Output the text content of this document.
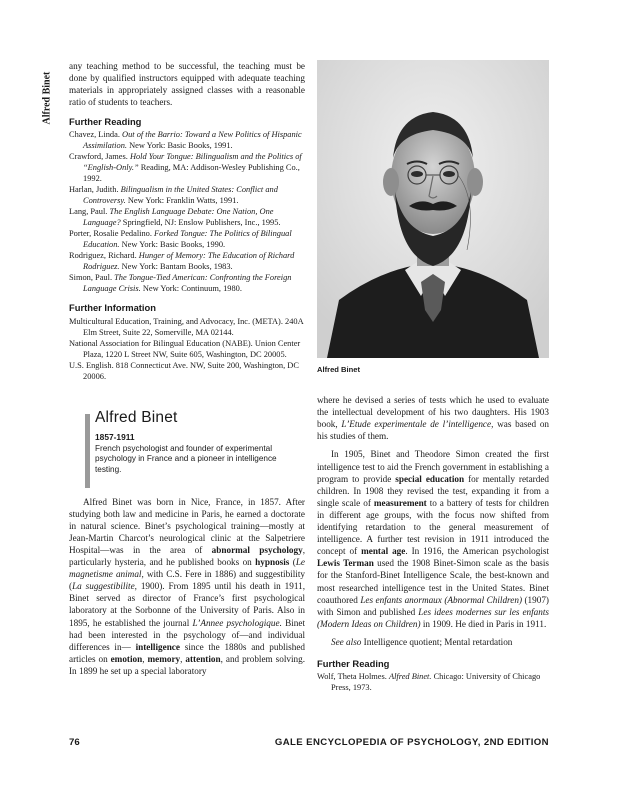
Alfred Binet

any teaching method to be successful, the teaching must be done by qualified instructors equipped with adequate teaching materials in appropriately assigned classes with a reasonable ratio of students to teachers.

Further Reading

Chavez, Linda. Out of the Barrio: Toward a New Politics of Hispanic Assimilation. New York: Basic Books, 1991.

Crawford, James. Hold Your Tongue: Bilingualism and the Politics of “English-Only.” Reading, MA: Addison-Wesley Publishing Co., 1992.

Harlan, Judith. Bilingualism in the United States: Conflict and Controversy. New York: Franklin Watts, 1991.

Lang, Paul. The English Language Debate: One Nation, One Language? Springfield, NJ: Enslow Publishers, Inc., 1995.

Porter, Rosalie Pedalino. Forked Tongue: The Politics of Bilingual Education. New York: Basic Books, 1990.

Rodriguez, Richard. Hunger of Memory: The Education of Richard Rodriguez. New York: Bantam Books, 1983.

Simon, Paul. The Tongue-Tied American: Confronting the Foreign Language Crisis. New York: Continuum, 1980.

Further Information

Multicultural Education, Training, and Advocacy, Inc. (META). 240A Elm Street, Suite 22, Somerville, MA 02144.

National Association for Bilingual Education (NABE). Union Center Plaza, 1220 L Street NW, Suite 605, Washington, DC 20005.

U.S. English. 818 Connecticut Ave. NW, Suite 200, Washington, DC 20006.

Alfred Binet
1857-1911
French psychologist and founder of experimental psychology in France and a pioneer in intelligence testing.

Alfred Binet was born in Nice, France, in 1857. After studying both law and medicine in Paris, he earned a doctorate in natural science. Binet’s psychological training—mostly at Jean-Martin Charcot’s neurological clinic at the Salpetriere Hospital—was in the area of abnormal psychology, particularly hysteria, and he published books on hypnosis (Le magnetisme animal, with C.S. Fere in 1886) and suggestibility (La suggestibilite, 1900). From 1895 until his death in 1911, Binet served as director of France’s first psychological laboratory at the Sorbonne of the University of Paris. Also in 1895, he established the journal L’Annee psychologique. Binet had been interested in the psychology of—and individual differences in— intelligence since the 1880s and published articles on emotion, memory, attention, and problem solving. In 1899 he set up a special laboratory

Alfred Binet

where he devised a series of tests which he used to evaluate the intellectual development of his two daughters. His 1903 book, L’Etude experimentale de l’intelligence, was based on his studies of them.

In 1905, Binet and Theodore Simon created the first intelligence test to aid the French government in establishing a program to provide special education for mentally retarded children. In 1908 they revised the test, expanding it from a single scale of measurement to a battery of tests for children in different age groups, with the focus now shifted from identifying retardation to the general measurement of intelligence. A further test revision in 1911 introduced the concept of mental age. In 1916, the American psychologist Lewis Terman used the 1908 Binet-Simon scale as the basis for the Stanford-Binet Intelligence Scale, the best-known and most researched intelligence test in the United States. Binet coauthored Les enfants anormaux (Abnormal Children) (1907) with Simon and published Les idees modernes sur les enfants (Modern Ideas on Children) in 1909. He died in Paris in 1911.

See also Intelligence quotient; Mental retardation

Further Reading

Wolf, Theta Holmes. Alfred Binet. Chicago: University of Chicago Press, 1973.

76	GALE ENCYCLOPEDIA OF PSYCHOLOGY, 2ND EDITION
